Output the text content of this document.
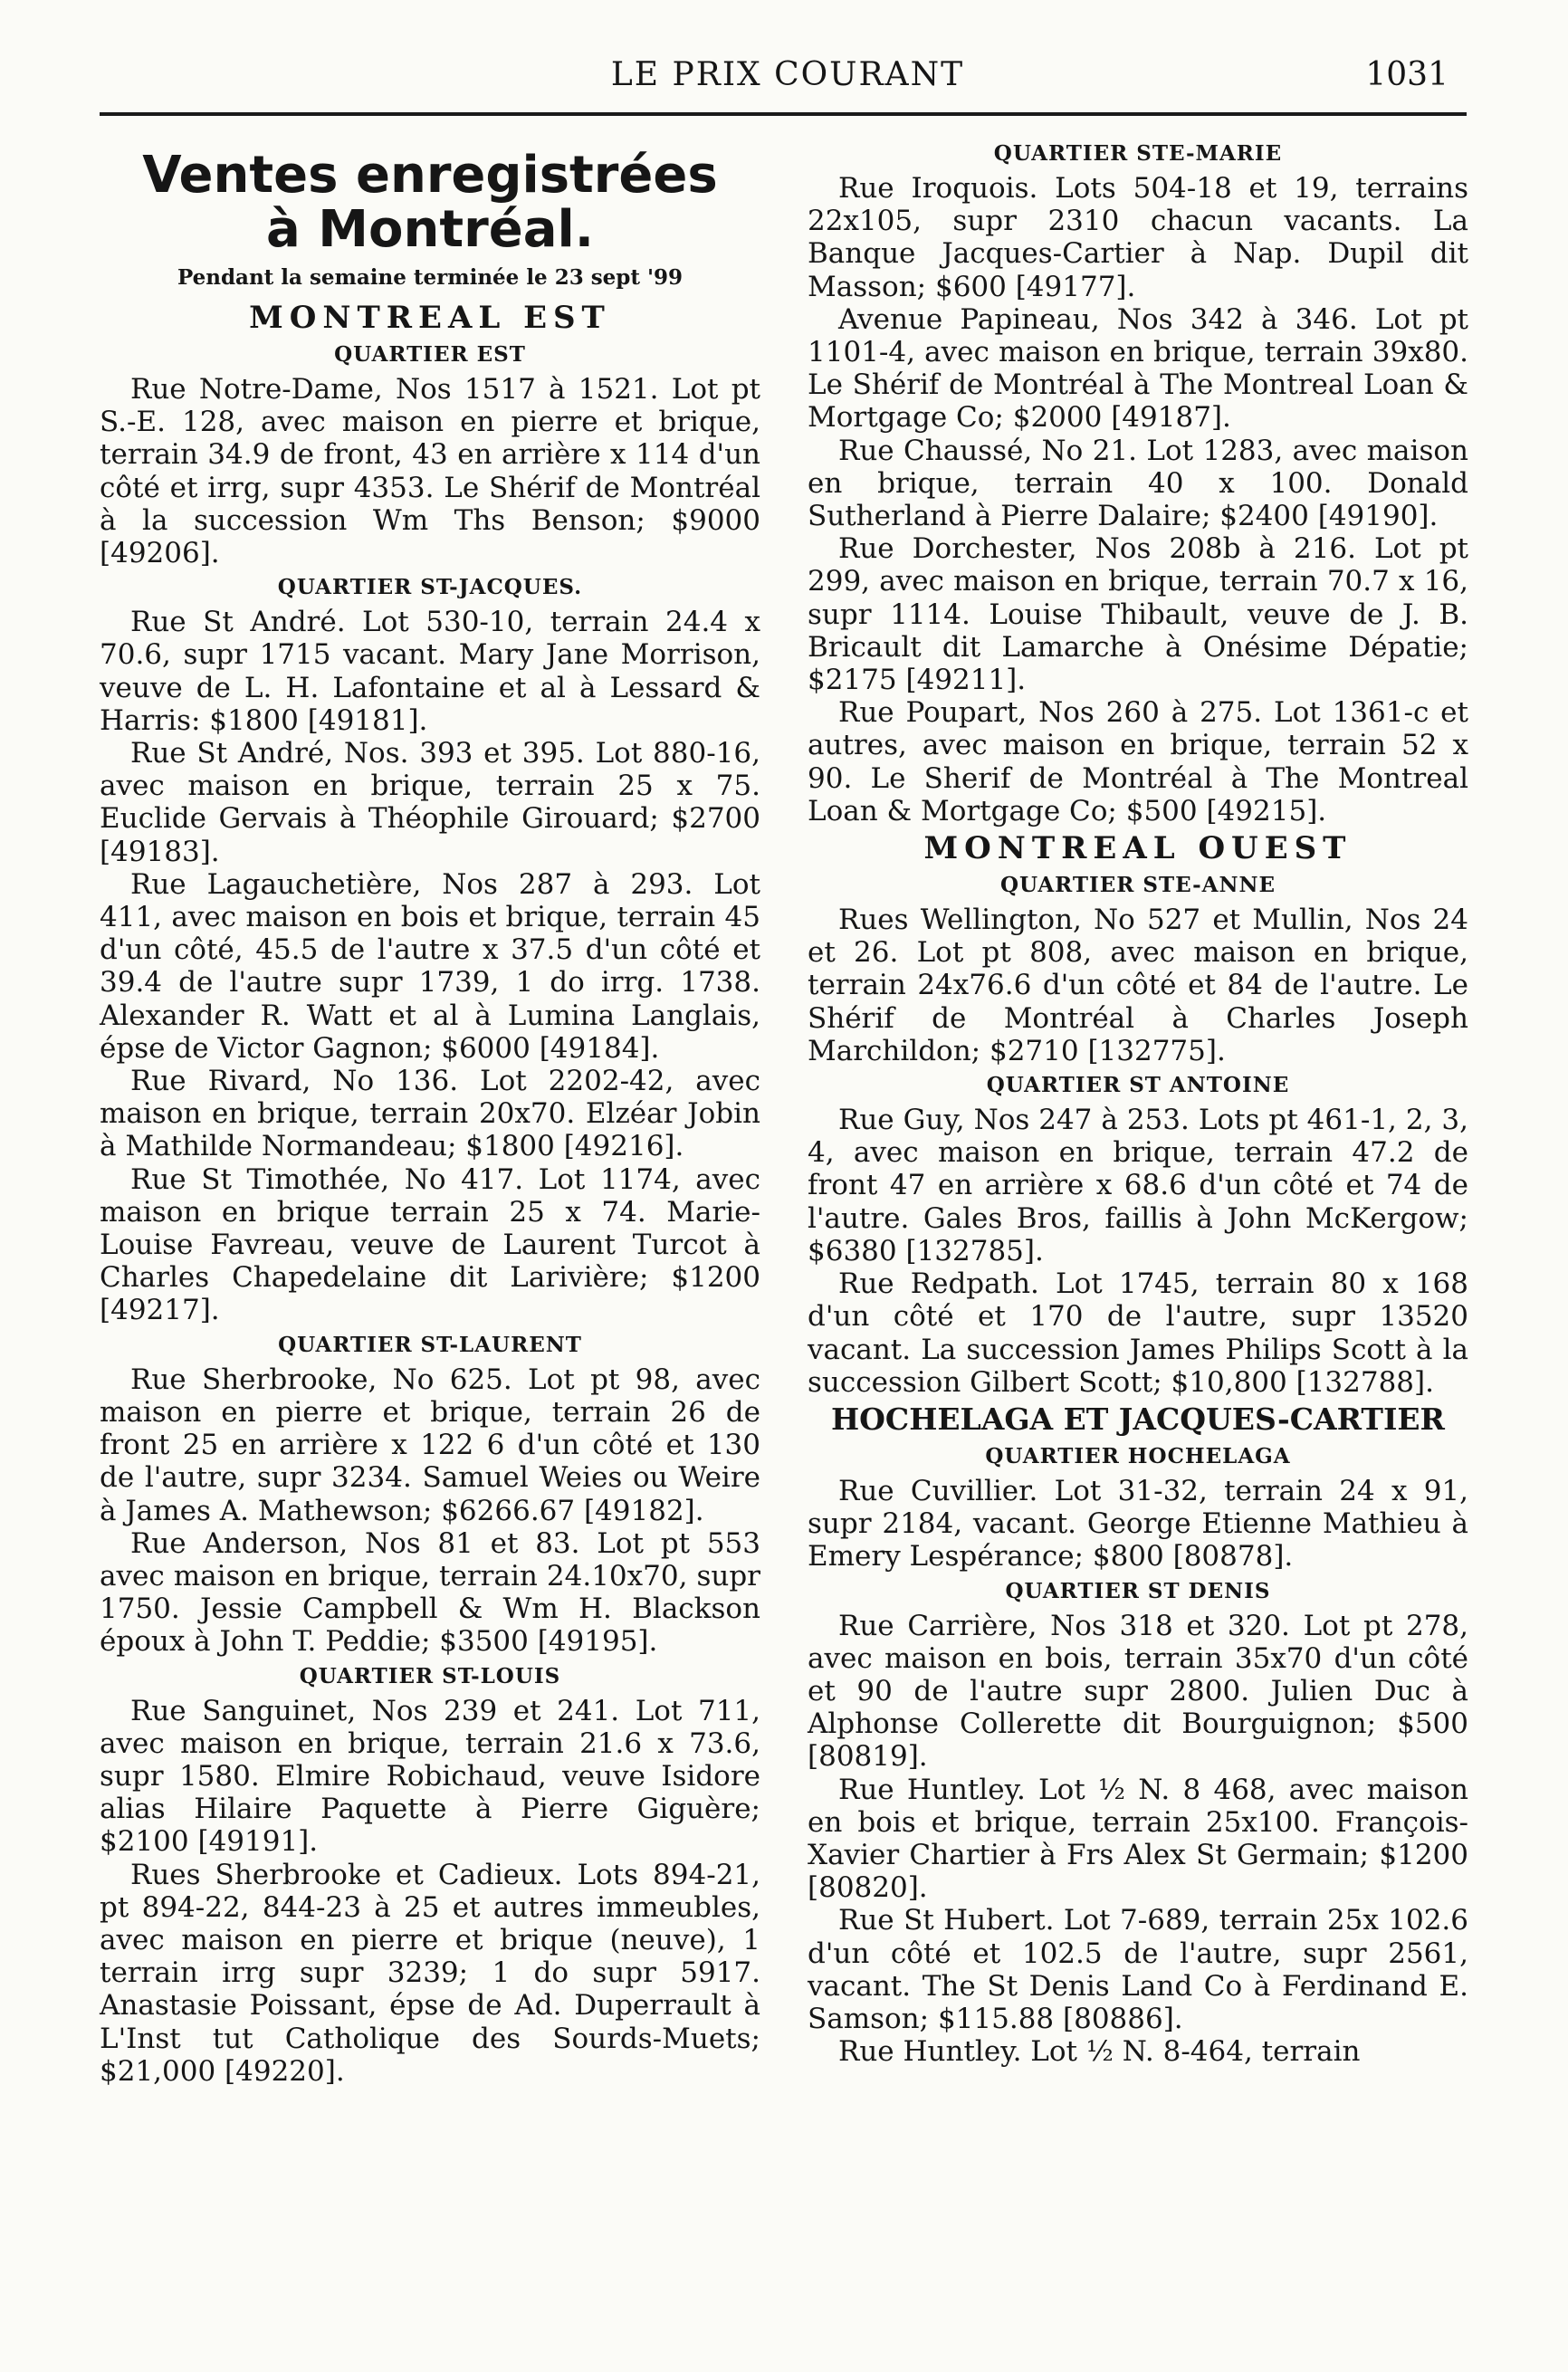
LE PRIX COURANT	1031
Ventes enregistrées
à Montréal.
Pendant la semaine terminée le 23 sept '99
MONTREAL EST
QUARTIER EST

Rue Notre-Dame, Nos 1517 à 1521. Lot pt S.-E. 128, avec maison en pierre et brique, terrain 34.9 de front, 43 en arrière x 114 d'un côté et irrg, supr 4353. Le Shérif de Montréal à la succession Wm Ths Benson; $9000 [49206].

QUARTIER ST-JACQUES.

Rue St André. Lot 530-10, terrain 24.4 x 70.6, supr 1715 vacant. Mary Jane Morrison, veuve de L. H. Lafontaine et al à Lessard & Harris: $1800 [49181].

Rue St André, Nos. 393 et 395. Lot 880-16, avec maison en brique, terrain 25 x 75. Euclide Gervais à Théophile Girouard; $2700 [49183].

Rue Lagauchetière, Nos 287 à 293. Lot 411, avec maison en bois et brique, terrain 45 d'un côté, 45.5 de l'autre x 37.5 d'un côté et 39.4 de l'autre supr 1739, 1 do irrg. 1738. Alexander R. Watt et al à Lumina Langlais, épse de Victor Gagnon; $6000 [49184].

Rue Rivard, No 136. Lot 2202-42, avec maison en brique, terrain 20x70. Elzéar Jobin à Mathilde Normandeau; $1800 [49216].

Rue St Timothée, No 417. Lot 1174, avec maison en brique terrain 25 x 74. Marie-Louise Favreau, veuve de Laurent Turcot à Charles Chapedelaine dit Larivière; $1200 [49217].

QUARTIER ST-LAURENT

Rue Sherbrooke, No 625. Lot pt 98, avec maison en pierre et brique, terrain 26 de front 25 en arrière x 122 6 d'un côté et 130 de l'autre, supr 3234. Samuel Weies ou Weire à James A. Mathewson; $6266.67 [49182].

Rue Anderson, Nos 81 et 83. Lot pt 553 avec maison en brique, terrain 24.10x70, supr 1750. Jessie Campbell & Wm H. Blackson époux à John T. Peddie; $3500 [49195].

QUARTIER ST-LOUIS

Rue Sanguinet, Nos 239 et 241. Lot 711, avec maison en brique, terrain 21.6 x 73.6, supr 1580. Elmire Robichaud, veuve Isidore alias Hilaire Paquette à Pierre Giguère; $2100 [49191].

Rues Sherbrooke et Cadieux. Lots 894-21, pt 894-22, 844-23 à 25 et autres immeubles, avec maison en pierre et brique (neuve), 1 terrain irrg supr 3239; 1 do supr 5917. Anastasie Poissant, épse de Ad. Duperrault à L'Inst tut Catholique des Sourds-Muets; $21,000 [49220].

QUARTIER STE-MARIE

Rue Iroquois. Lots 504-18 et 19, terrains 22x105, supr 2310 chacun vacants. La Banque Jacques-Cartier à Nap. Dupil dit Masson; $600 [49177].

Avenue Papineau, Nos 342 à 346. Lot pt 1101-4, avec maison en brique, terrain 39x80. Le Shérif de Montréal à The Montreal Loan & Mortgage Co; $2000 [49187].

Rue Chaussé, No 21. Lot 1283, avec maison en brique, terrain 40 x 100. Donald Sutherland à Pierre Dalaire; $2400 [49190].

Rue Dorchester, Nos 208b à 216. Lot pt 299, avec maison en brique, terrain 70.7 x 16, supr 1114. Louise Thibault, veuve de J. B. Bricault dit Lamarche à Onésime Dépatie; $2175 [49211].

Rue Poupart, Nos 260 à 275. Lot 1361-c et autres, avec maison en brique, terrain 52 x 90. Le Sherif de Montréal à The Montreal Loan & Mortgage Co; $500 [49215].

MONTREAL OUEST
QUARTIER STE-ANNE

Rues Wellington, No 527 et Mullin, Nos 24 et 26. Lot pt 808, avec maison en brique, terrain 24x76.6 d'un côté et 84 de l'autre. Le Shérif de Montréal à Charles Joseph Marchildon; $2710 [132775].

QUARTIER ST ANTOINE

Rue Guy, Nos 247 à 253. Lots pt 461-1, 2, 3, 4, avec maison en brique, terrain 47.2 de front 47 en arrière x 68.6 d'un côté et 74 de l'autre. Gales Bros, faillis à John McKergow; $6380 [132785].

Rue Redpath. Lot 1745, terrain 80 x 168 d'un côté et 170 de l'autre, supr 13520 vacant. La succession James Philips Scott à la succession Gilbert Scott; $10,800 [132788].

HOCHELAGA ET JACQUES-CARTIER
QUARTIER HOCHELAGA

Rue Cuvillier. Lot 31-32, terrain 24 x 91, supr 2184, vacant. George Etienne Mathieu à Emery Lespérance; $800 [80878].

QUARTIER ST DENIS

Rue Carrière, Nos 318 et 320. Lot pt 278, avec maison en bois, terrain 35x70 d'un côté et 90 de l'autre supr 2800. Julien Duc à Alphonse Collerette dit Bourguignon; $500 [80819].

Rue Huntley. Lot ½ N. 8 468, avec maison en bois et brique, terrain 25x100. François-Xavier Chartier à Frs Alex St Germain; $1200 [80820].

Rue St Hubert. Lot 7-689, terrain 25x 102.6 d'un côté et 102.5 de l'autre, supr 2561, vacant. The St Denis Land Co à Ferdinand E. Samson; $115.88 [80886].

Rue Huntley. Lot ½ N. 8-464, terrain
